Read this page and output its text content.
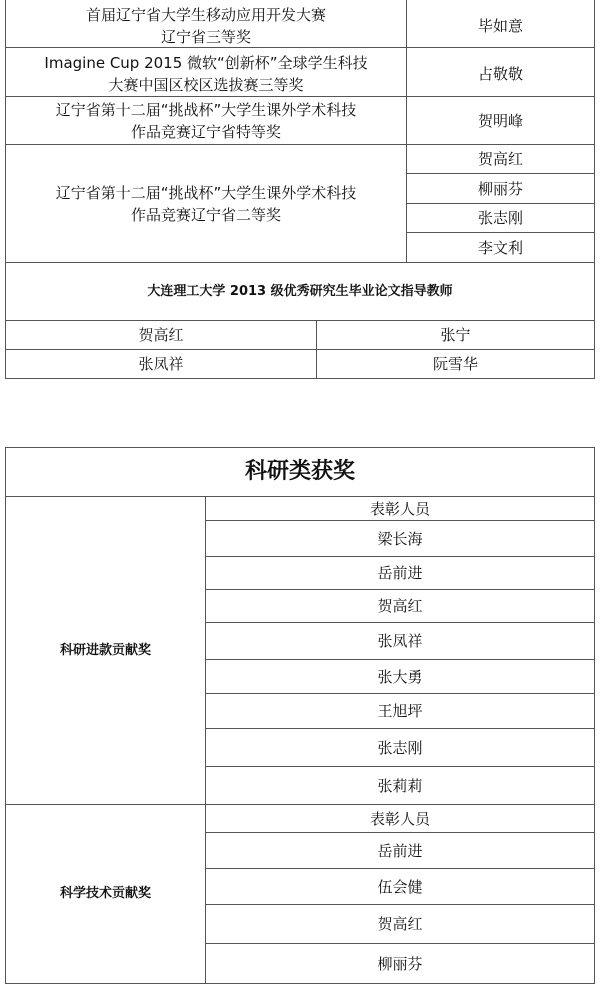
首届辽宁省大学生移动应用开发大赛
辽宁省三等奖
毕如意
Imagine Cup 2015 微软“创新杯”全球学生科技
大赛中国区校区选拔赛三等奖
占敬敬
辽宁省第十二届“挑战杯”大学生课外学术科技
作品竞赛辽宁省特等奖
贺明峰
辽宁省第十二届“挑战杯”大学生课外学术科技
作品竞赛辽宁省二等奖
贺高红
柳丽芬
张志刚
李文利
大连理工大学 2013 级优秀研究生毕业论文指导教师
贺高红	张宁
张凤祥	阮雪华
科研类获奖
科研进款贡献奖
表彰人员
梁长海
岳前进
贺高红
张凤祥
张大勇
王旭坪
张志刚
张莉莉
科学技术贡献奖
表彰人员
岳前进
伍会健
贺高红
柳丽芬
